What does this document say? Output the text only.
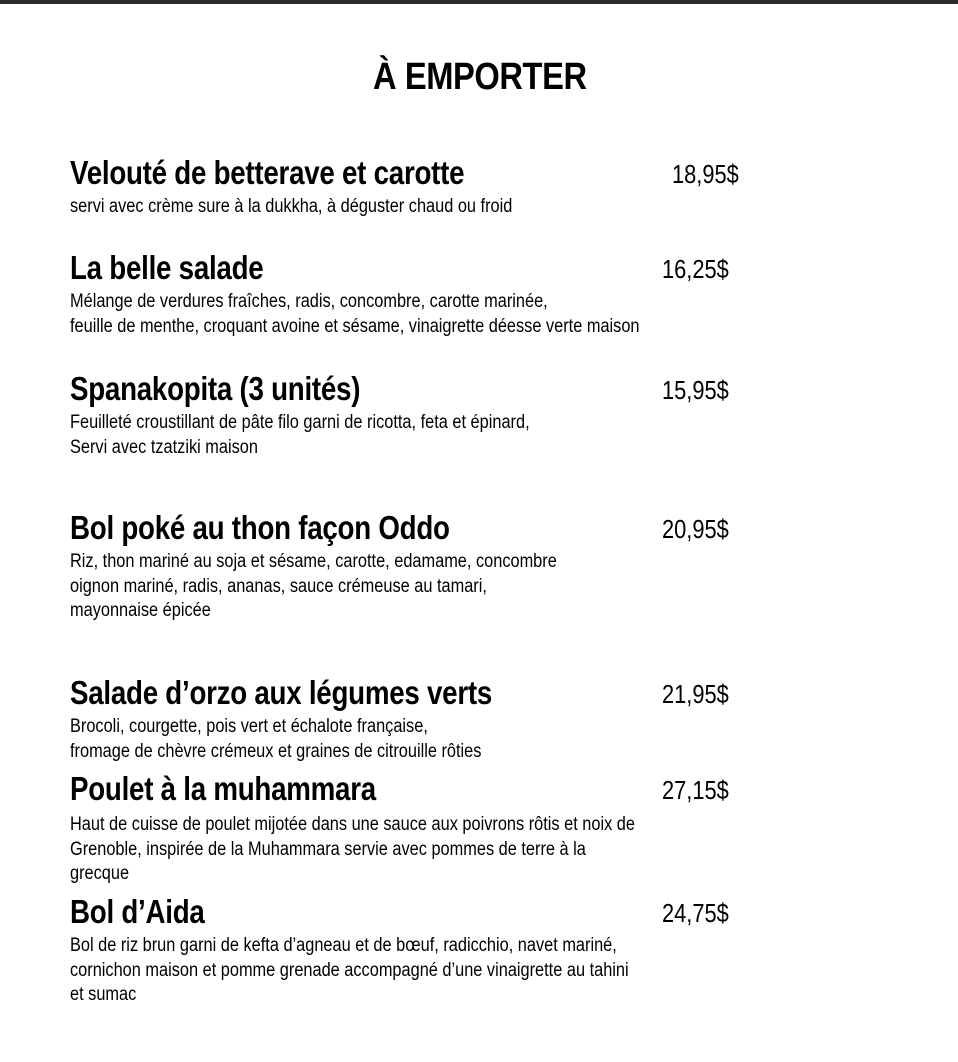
À EMPORTER
Velouté de betterave et carotte	18,95$
servi avec crème sure à la dukkha, à déguster chaud ou froid
La belle salade	16,25$
Mélange de verdures fraîches, radis, concombre, carotte marinée,
feuille de menthe, croquant avoine et sésame, vinaigrette déesse verte maison
Spanakopita (3 unités)	15,95$
Feuilleté croustillant de pâte filo garni de ricotta, feta et épinard,
Servi avec tzatziki maison
Bol poké au thon façon Oddo	20,95$
Riz, thon mariné au soja et sésame, carotte, edamame, concombre
oignon mariné, radis, ananas, sauce crémeuse au tamari,
mayonnaise épicée
Salade d’orzo aux légumes verts	21,95$
Brocoli, courgette, pois vert et échalote française,
fromage de chèvre crémeux et graines de citrouille rôties
Poulet à la muhammara	27,15$
Haut de cuisse de poulet mijotée dans une sauce aux poivrons rôtis et noix de
Grenoble, inspirée de la Muhammara servie avec pommes de terre à la
grecque
Bol d’Aida	24,75$
Bol de riz brun garni de kefta d’agneau et de bœuf, radicchio, navet mariné,
cornichon maison et pomme grenade accompagné d’une vinaigrette au tahini
et sumac
